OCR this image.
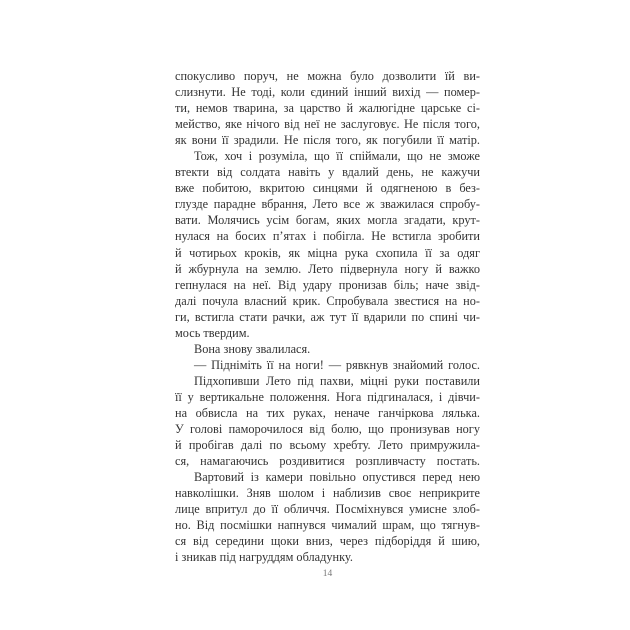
спокусливо поруч, не можна було дозволити їй ви-
слизнути. Не тоді, коли єдиний інший вихід — помер-
ти, немов тварина, за царство й жалюгідне царське сі-
мейство, яке нічого від неї не заслуговує. Не після того,
як вони її зрадили. Не після того, як погубили її матір.
Тож, хоч і розуміла, що її спіймали, що не зможе
втекти від солдата навіть у вдалий день, не кажучи
вже побитою, вкритою синцями й одягненою в без-
глузде парадне вбрання, Лето все ж зважилася спробу-
вати. Молячись усім богам, яких могла згадати, крут-
нулася на босих п’ятах і побігла. Не встигла зробити
й чотирьох кроків, як міцна рука схопила її за одяг
й жбурнула на землю. Лето підвернула ногу й важко
гепнулася на неї. Від удару пронизав біль; наче звід-
далі почула власний крик. Спробувала звестися на но-
ги, встигла стати рачки, аж тут її вдарили по спині чи-
мось твердим.
Вона знову звалилася.
— Підніміть її на ноги! — рявкнув знайомий голос.
Підхопивши Лето під пахви, міцні руки поставили
її у вертикальне положення. Нога підгиналася, і дівчи-
на обвисла на тих руках, неначе ганчіркова лялька.
У голові паморочилося від болю, що пронизував ногу
й пробігав далі по всьому хребту. Лето примружила-
ся, намагаючись роздивитися розпливчасту постать.
Вартовий із камери повільно опустився перед нею
навколішки. Зняв шолом і наблизив своє неприкрите
лице впритул до її обличчя. Посміхнувся умисне злоб-
но. Від посмішки напнувся чималий шрам, що тягнув-
ся від середини щоки вниз, через підборіддя й шию,
і зникав під нагруддям обладунку.
14
